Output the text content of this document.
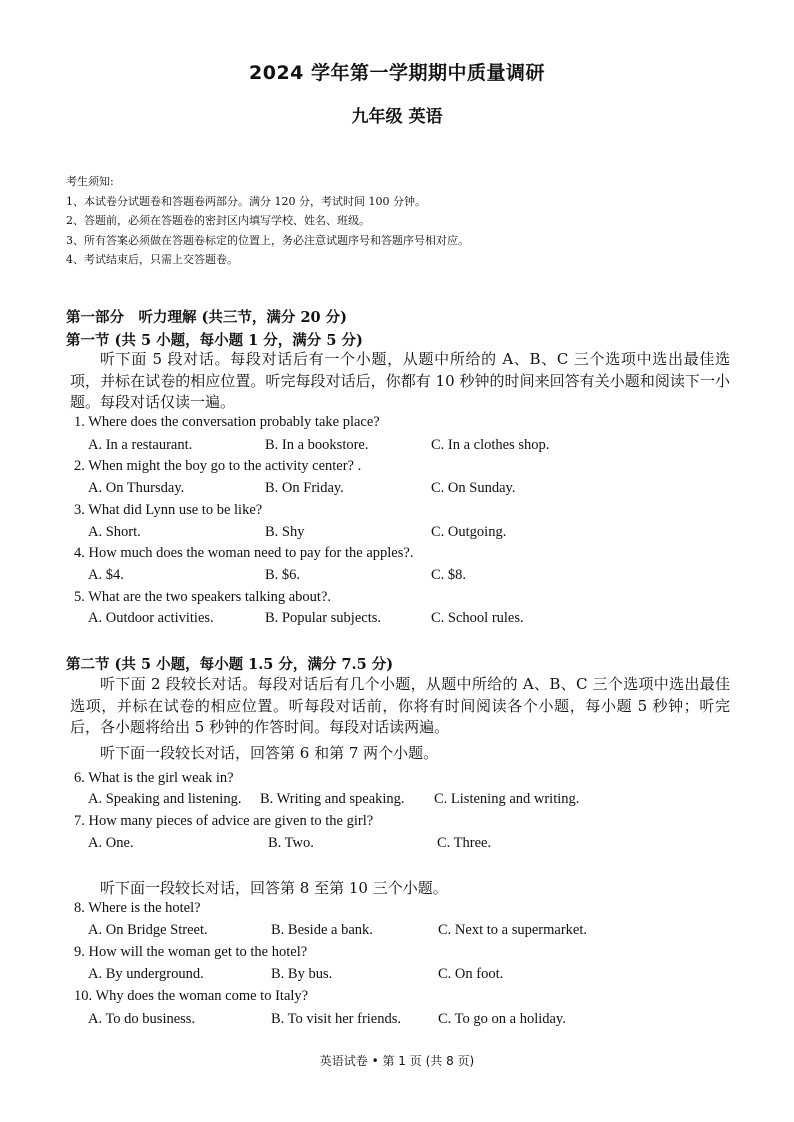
2024 学年第一学期期中质量调研
九年级 英语
考生须知:
1、本试卷分试题卷和答题卷两部分。满分 120 分，考试时间 100 分钟。
2、答题前，必须在答题卷的密封区内填写学校、姓名、班级。
3、所有答案必须做在答题卷标定的位置上，务必注意试题序号和答题序号相对应。
4、考试结束后，只需上交答题卷。
第一部分　听力理解 (共三节，满分 20 分)
第一节 (共 5 小题，每小题 1 分，满分 5 分)
听下面 5 段对话。每段对话后有一个小题，从题中所给的 A、B、C 三个选项中选出最佳选项，并标在试卷的相应位置。听完每段对话后，你都有 10 秒钟的时间来回答有关小题和阅读下一小题。每段对话仅读一遍。
1. Where does the conversation probably take place?
A. In a restaurant.	B. In a bookstore.	C. In a clothes shop.
2. When might the boy go to the activity center? .
A. On Thursday.	B. On Friday.	C. On Sunday.
3. What did Lynn use to be like?
A. Short.	B. Shy	C. Outgoing.
4. How much does the woman need to pay for the apples?.
A. $4.	B. $6.	C. $8.
5. What are the two speakers talking about?.
A. Outdoor activities.	B. Popular subjects.	C. School rules.
第二节 (共 5 小题，每小题 1.5 分，满分 7.5 分)
听下面 2 段较长对话。每段对话后有几个小题，从题中所给的 A、B、C 三个选项中选出最佳选项，并标在试卷的相应位置。听每段对话前，你将有时间阅读各个小题，每小题 5 秒钟；听完后，各小题将给出 5 秒钟的作答时间。每段对话读两遍。
听下面一段较长对话，回答第 6 和第 7 两个小题。
6. What is the girl weak in?
A. Speaking and listening. B. Writing and speaking. C. Listening and writing.
7. How many pieces of advice are given to the girl?
A. One.	B. Two.	C. Three.
听下面一段较长对话，回答第 8 至第 10 三个小题。
8. Where is the hotel?
A. On Bridge Street.	B. Beside a bank.	C. Next to a supermarket.
9. How will the woman get to the hotel?
A. By underground.	B. By bus.	C. On foot.
10. Why does the woman come to Italy?
A. To do business.	B. To visit her friends.	C. To go on a holiday.
英语试卷 • 第 1 页 (共 8 页)
